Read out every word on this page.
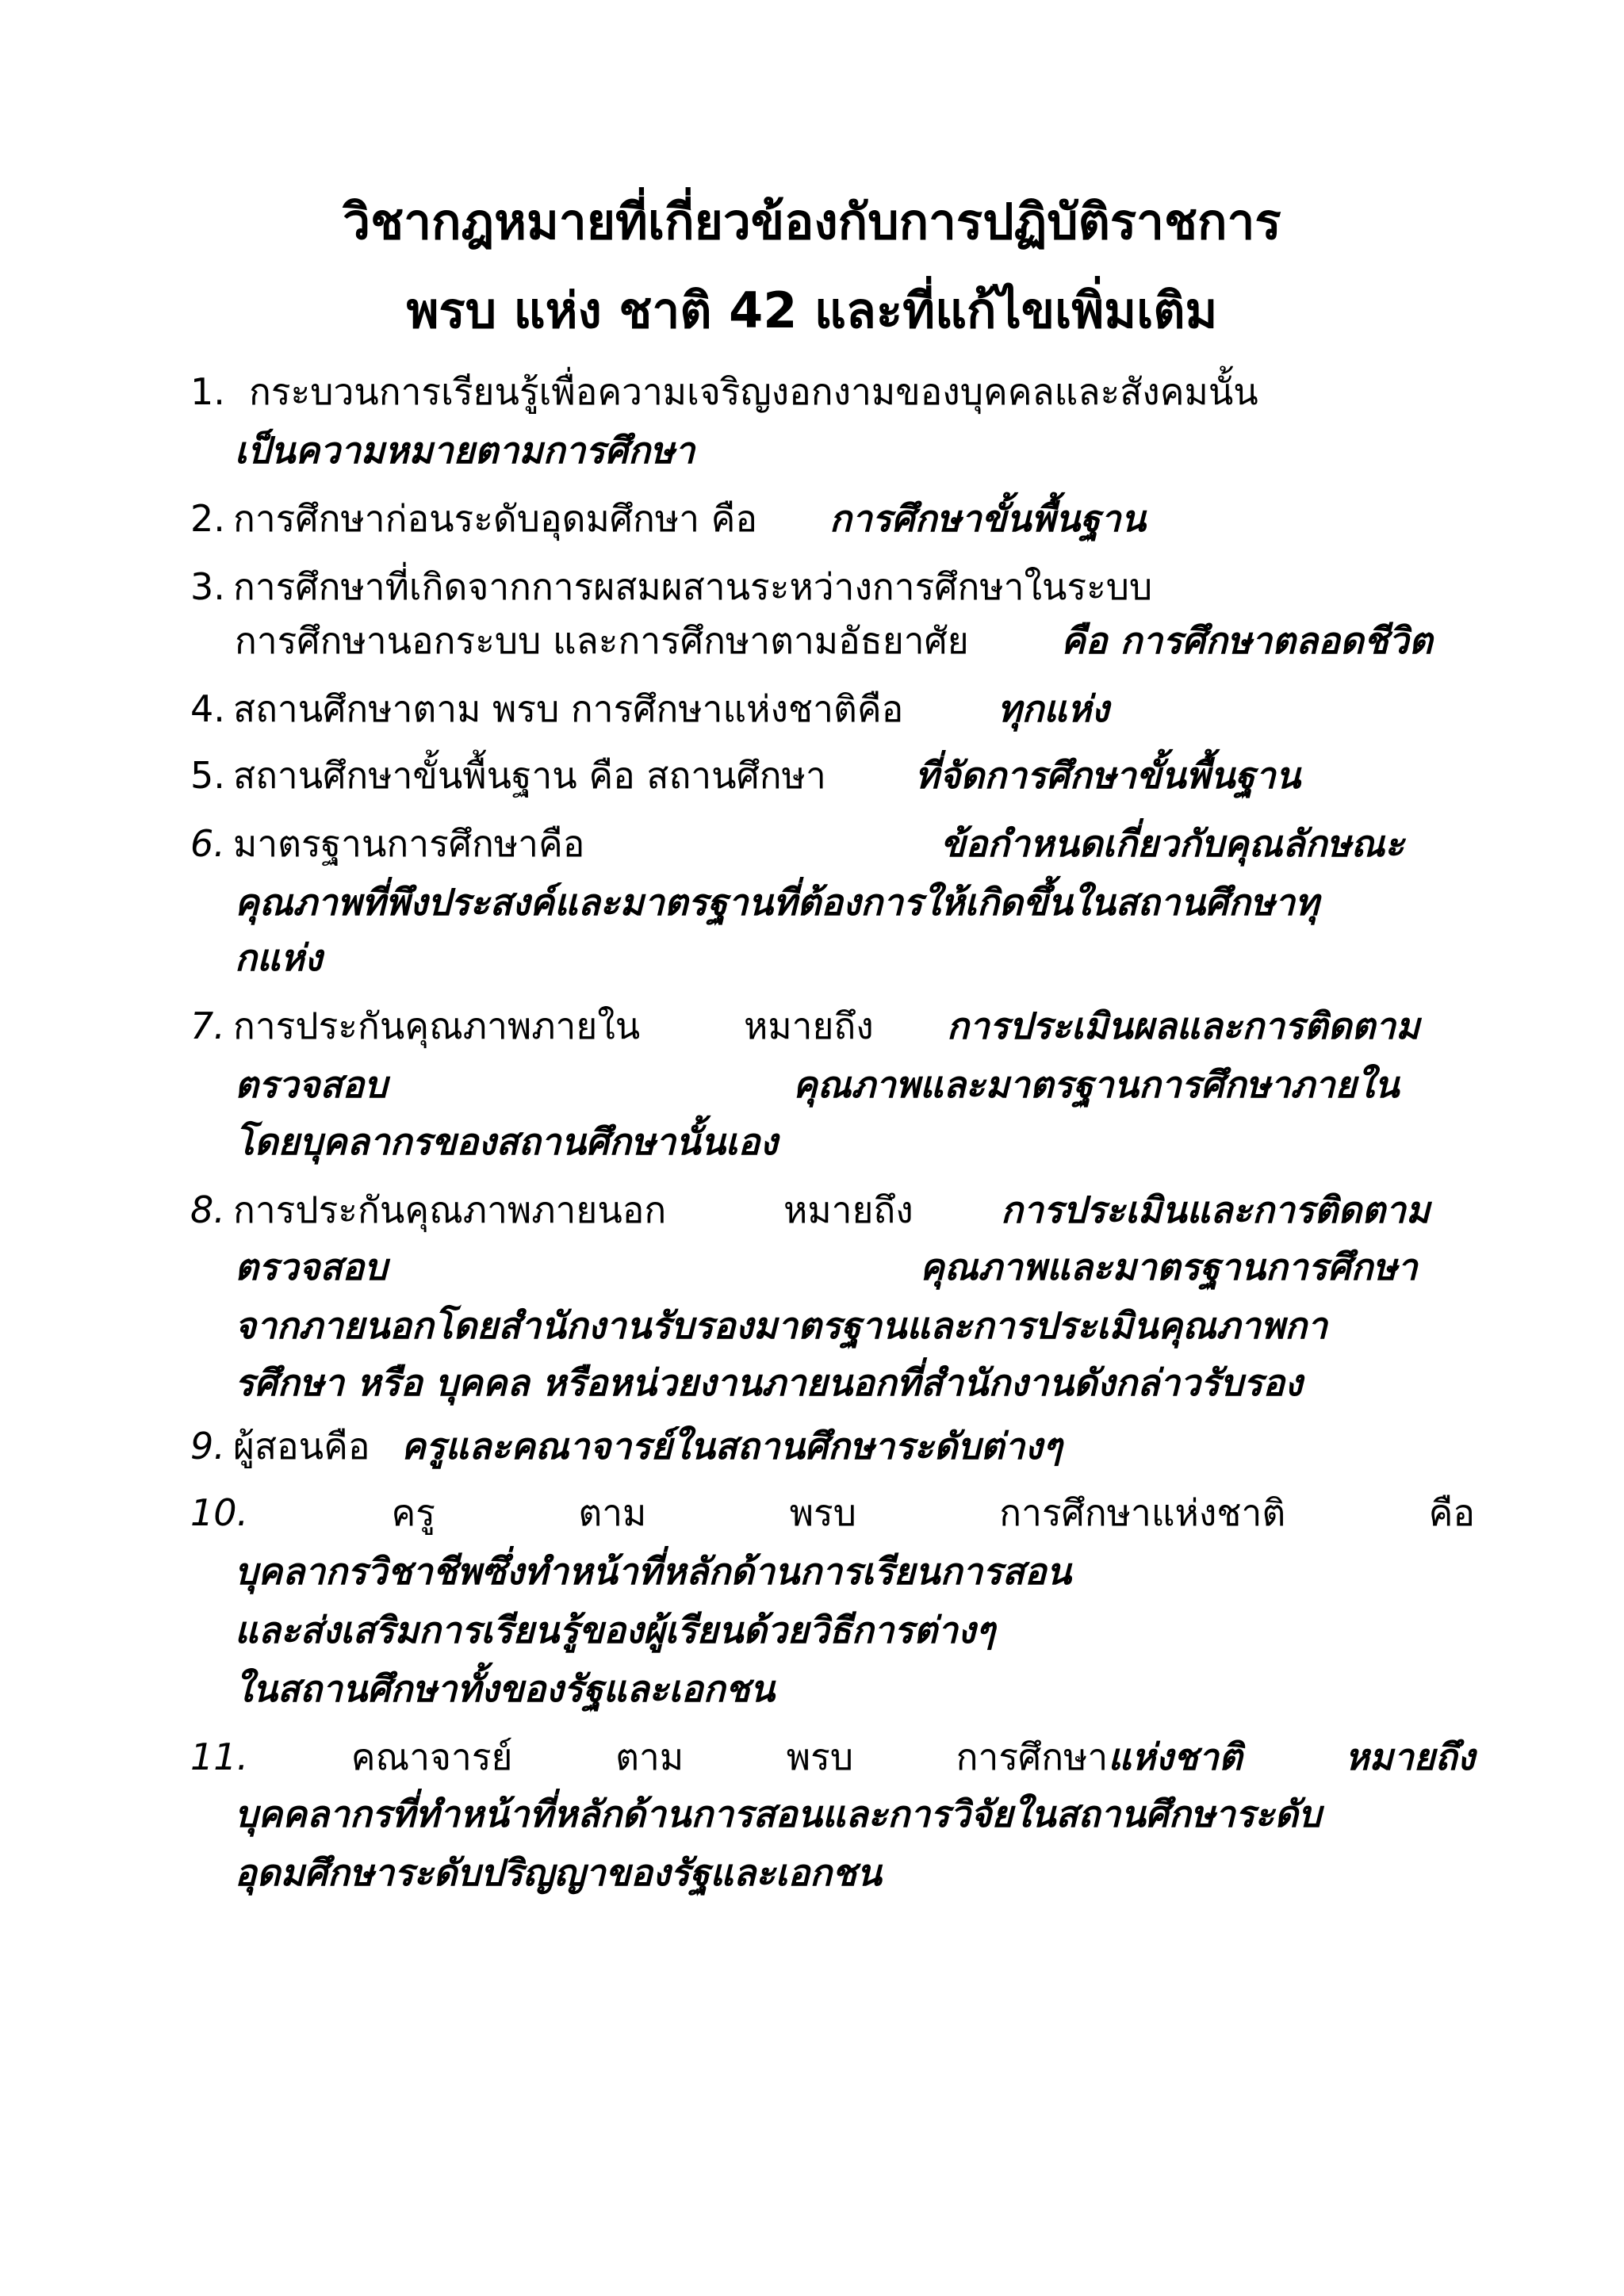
วิชากฎหมายที่เกี่ยวข้องกับการปฏิบัติราชการ
พรบ แห่ง ชาติ 42 และที่แก้ไขเพิ่มเติม
1. กระบวนการเรียนรู้เพื่อความเจริญงอกงามของบุคคลและสังคมนั้น
เป็นความหมายตามการศึกษา
2. การศึกษาก่อนระดับอุดมศึกษา คือ การศึกษาขั้นพื้นฐาน
3. การศึกษาที่เกิดจากการผสมผสานระหว่างการศึกษาในระบบ
การศึกษานอกระบบ และการศึกษาตามอัธยาศัย	คือ การศึกษาตลอดชีวิต
4. สถานศึกษาตาม พรบ การศึกษาแห่งชาติคือ	ทุกแห่ง
5. สถานศึกษาขั้นพื้นฐาน คือ สถานศึกษา ที่จัดการศึกษาขั้นพื้นฐาน
6. มาตรฐานการศึกษาคือ	ข้อกำหนดเกี่ยวกับคุณลักษณะ
คุณภาพที่พึงประสงค์และมาตรฐานที่ต้องการให้เกิดขึ้นในสถานศึกษาทุ
กแห่ง
7. การประกันคุณภาพภายใน	หมายถึง การประเมินผลและการติดตาม
ตรวจสอบ	คุณภาพและมาตรฐานการศึกษาภายใน
โดยบุคลากรของสถานศึกษานั้นเอง
8. การประกันคุณภาพภายนอก	หมายถึง การประเมินและการติดตาม
ตรวจสอบ	คุณภาพและมาตรฐานการศึกษา
จากภายนอกโดยสำนักงานรับรองมาตรฐานและการประเมินคุณภาพกา
รศึกษา หรือ บุคคล หรือหน่วยงานภายนอกที่สำนักงานดังกล่าวรับรอง
9. ผู้สอนคือ ครูและคณาจารย์ในสถานศึกษาระดับต่างๆ
10.	ครู	ตาม	พรบ	การศึกษาแห่งชาติ	คือ
บุคลากรวิชาชีพซึ่งทำหน้าที่หลักด้านการเรียนการสอน
และส่งเสริมการเรียนรู้ของผู้เรียนด้วยวิธีการต่างๆ
ในสถานศึกษาทั้งของรัฐและเอกชน
11.	คณาจารย์	ตาม	พรบ	การศึกษาแห่งชาติ	หมายถึง
บุคคลากรที่ทำหน้าที่หลักด้านการสอนและการวิจัยในสถานศึกษาระดับ
อุดมศึกษาระดับปริญญาของรัฐและเอกชน
